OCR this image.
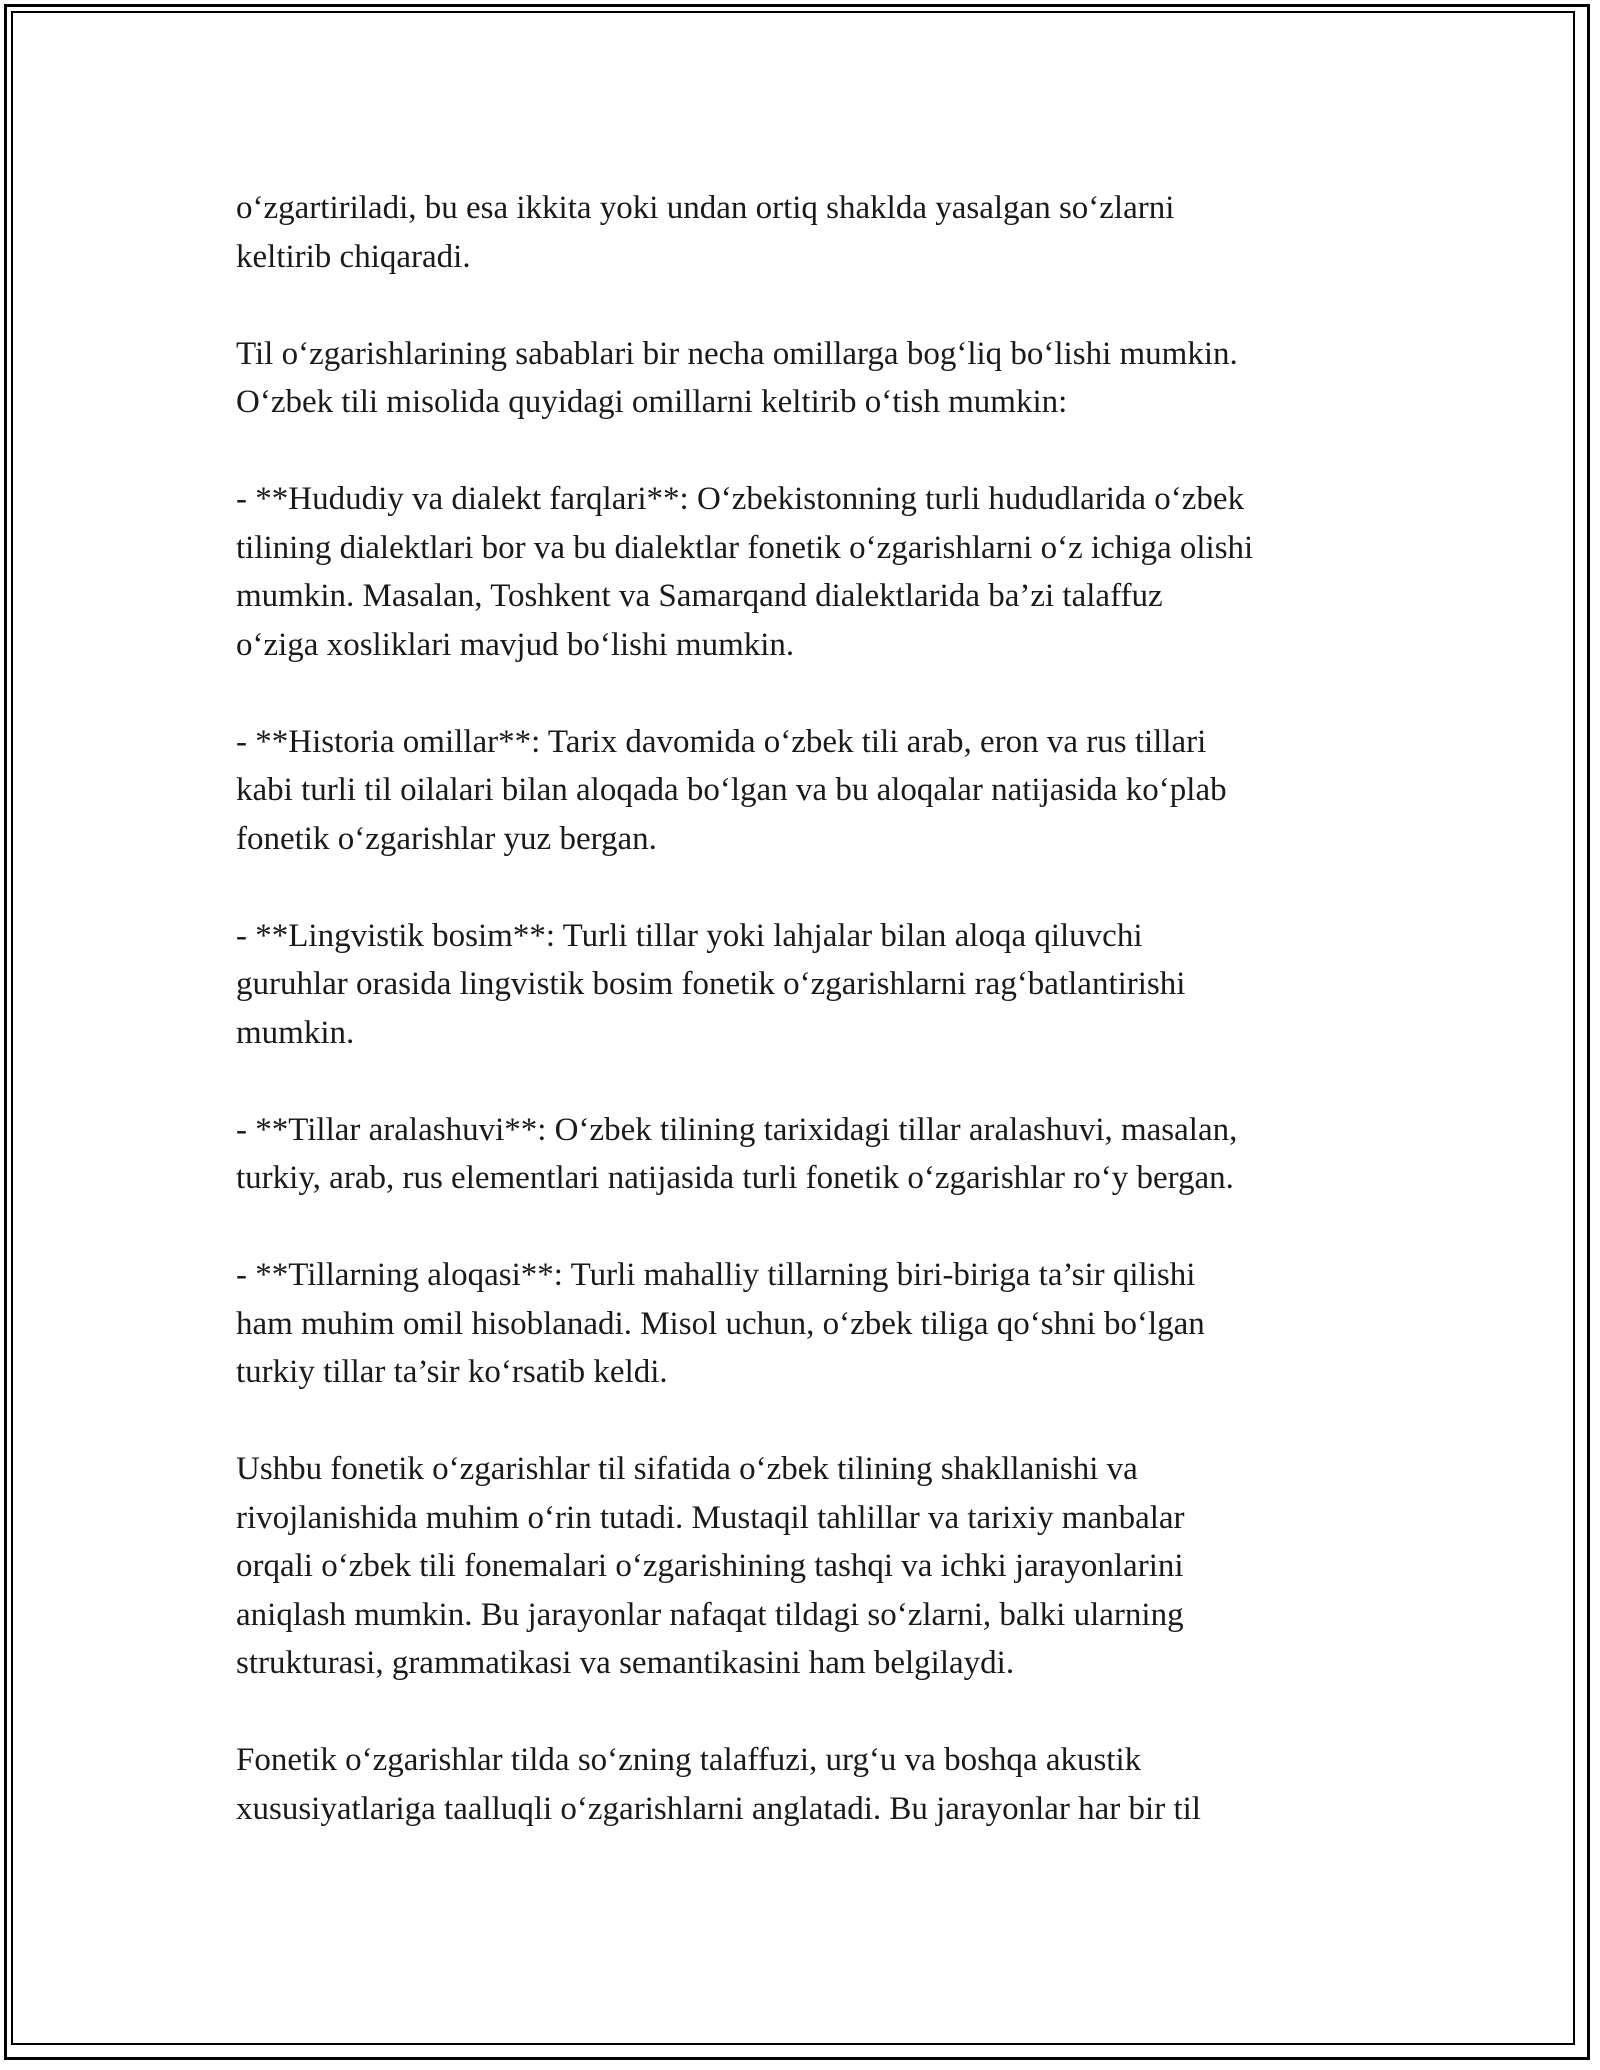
o‘zgartiriladi, bu esa ikkita yoki undan ortiq shaklda yasalgan so‘zlarni
keltirib chiqaradi.

Til o‘zgarishlarining sabablari bir necha omillarga bog‘liq bo‘lishi mumkin.
O‘zbek tili misolida quyidagi omillarni keltirib o‘tish mumkin:

- **Hududiy va dialekt farqlari**: O‘zbekistonning turli hududlarida o‘zbek
tilining dialektlari bor va bu dialektlar fonetik o‘zgarishlarni o‘z ichiga olishi
mumkin. Masalan, Toshkent va Samarqand dialektlarida ba’zi talaffuz
o‘ziga xosliklari mavjud bo‘lishi mumkin.

- **Historia omillar**: Tarix davomida o‘zbek tili arab, eron va rus tillari
kabi turli til oilalari bilan aloqada bo‘lgan va bu aloqalar natijasida ko‘plab
fonetik o‘zgarishlar yuz bergan.

- **Lingvistik bosim**: Turli tillar yoki lahjalar bilan aloqa qiluvchi
guruhlar orasida lingvistik bosim fonetik o‘zgarishlarni rag‘batlantirishi
mumkin.

- **Tillar aralashuvi**: O‘zbek tilining tarixidagi tillar aralashuvi, masalan,
turkiy, arab, rus elementlari natijasida turli fonetik o‘zgarishlar ro‘y bergan.

- **Tillarning aloqasi**: Turli mahalliy tillarning biri-biriga ta’sir qilishi
ham muhim omil hisoblanadi. Misol uchun, o‘zbek tiliga qo‘shni bo‘lgan
turkiy tillar ta’sir ko‘rsatib keldi.

Ushbu fonetik o‘zgarishlar til sifatida o‘zbek tilining shakllanishi va
rivojlanishida muhim o‘rin tutadi. Mustaqil tahlillar va tarixiy manbalar
orqali o‘zbek tili fonemalari o‘zgarishining tashqi va ichki jarayonlarini
aniqlash mumkin. Bu jarayonlar nafaqat tildagi so‘zlarni, balki ularning
strukturasi, grammatikasi va semantikasini ham belgilaydi.

Fonetik o‘zgarishlar tilda so‘zning talaffuzi, urg‘u va boshqa akustik
xususiyatlariga taalluqli o‘zgarishlarni anglatadi. Bu jarayonlar har bir til
